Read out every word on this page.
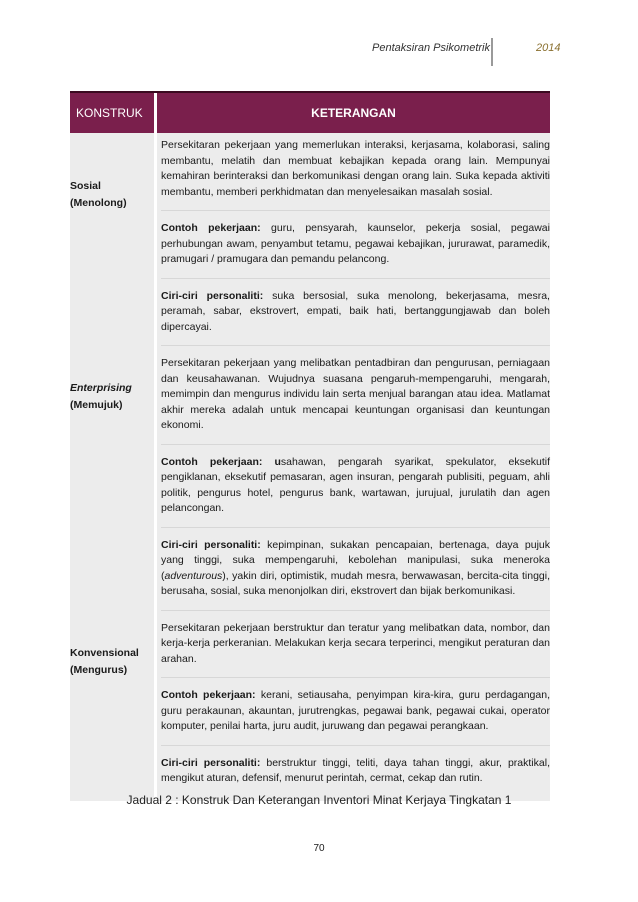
Pentaksiran Psikometrik	2014
KONSTRUK	KETERANGAN
Sosial
(Menolong)
Enterprising
(Memujuk)
Konvensional
(Mengurus)

Persekitaran pekerjaan yang memerlukan interaksi, kerjasama, kolaborasi, saling membantu, melatih dan membuat kebajikan kepada orang lain. Mempunyai kemahiran berinteraksi dan berkomunikasi dengan orang lain. Suka kepada aktiviti membantu, memberi perkhidmatan dan menyelesaikan masalah sosial.

Contoh pekerjaan: guru, pensyarah, kaunselor, pekerja sosial, pegawai perhubungan awam, penyambut tetamu, pegawai kebajikan, jururawat, paramedik, pramugari / pramugara dan pemandu pelancong.

Ciri-ciri personaliti: suka bersosial, suka menolong, bekerjasama, mesra, peramah, sabar, ekstrovert, empati, baik hati, bertanggungjawab dan boleh dipercayai.

Persekitaran pekerjaan yang melibatkan pentadbiran dan pengurusan, perniagaan dan keusahawanan. Wujudnya suasana pengaruh-mempengaruhi, mengarah, memimpin dan mengurus individu lain serta menjual barangan atau idea. Matlamat akhir mereka adalah untuk mencapai keuntungan organisasi dan keuntungan ekonomi.

Contoh pekerjaan: usahawan, pengarah syarikat, spekulator, eksekutif pengiklanan, eksekutif pemasaran, agen insuran, pengarah publisiti, peguam, ahli politik, pengurus hotel, pengurus bank, wartawan, jurujual, jurulatih dan agen pelancongan.

Ciri-ciri personaliti: kepimpinan, sukakan pencapaian, bertenaga, daya pujuk yang tinggi, suka mempengaruhi, kebolehan manipulasi, suka meneroka (adventurous), yakin diri, optimistik, mudah mesra, berwawasan, bercita-cita tinggi, berusaha, sosial, suka menonjolkan diri, ekstrovert dan bijak berkomunikasi.

Persekitaran pekerjaan berstruktur dan teratur yang melibatkan data, nombor, dan kerja-kerja perkeranian. Melakukan kerja secara terperinci, mengikut peraturan dan arahan.

Contoh pekerjaan: kerani, setiausaha, penyimpan kira-kira, guru perdagangan, guru perakaunan, akauntan, jurutrengkas, pegawai bank, pegawai cukai, operator komputer, penilai harta, juru audit, juruwang dan pegawai perangkaan.

Ciri-ciri personaliti: berstruktur tinggi, teliti, daya tahan tinggi, akur, praktikal, mengikut aturan, defensif, menurut perintah, cermat, cekap dan rutin.

Jadual 2 : Konstruk Dan Keterangan Inventori Minat Kerjaya Tingkatan 1
70
